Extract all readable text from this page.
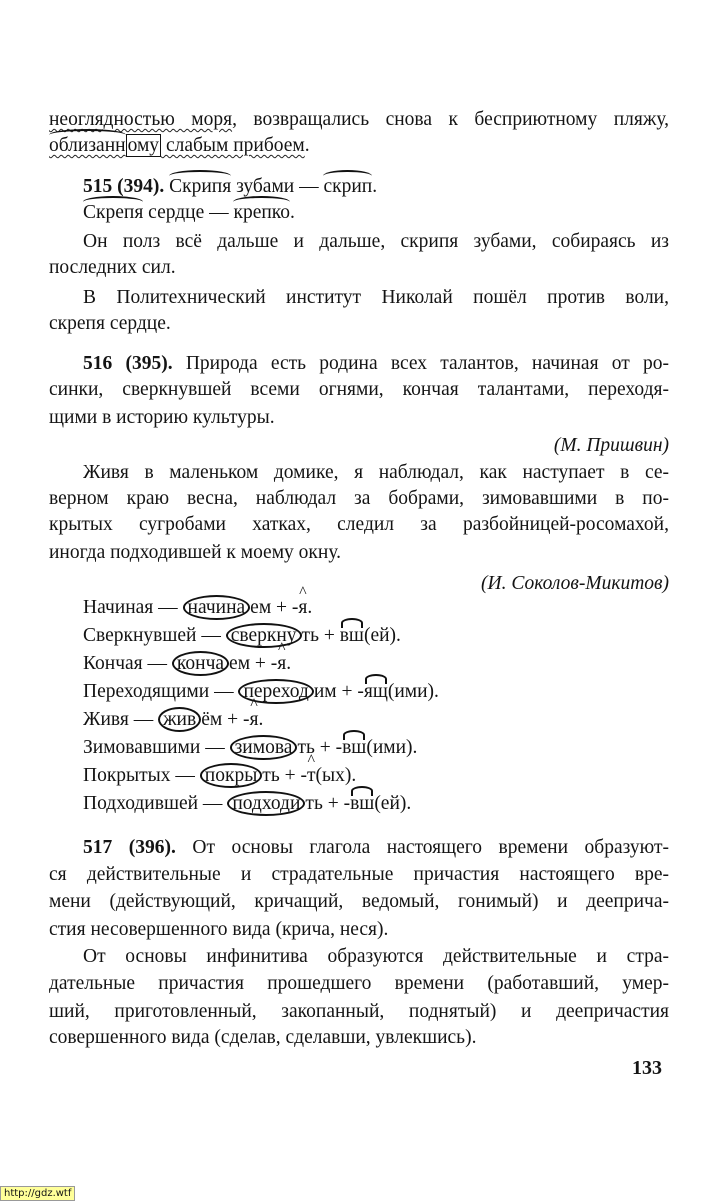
неоглядностью моря, возвращались снова к бесприютному пляжу,
облизанн ому слабым прибоем.
515 (394). Скрипя зубами — скрип.
Скрепя сердце — крепко.
Он полз всё дальше и дальше, скрипя зубами, собираясь из
последних сил.
В Политехнический институт Николай пошёл против воли,
скрепя сердце.
516 (395). Природа есть родина всех талантов, начиная от ро-
синки, сверкнувшей всеми огнями, кончая талантами, переходя-
щими в историю культуры.
(М. Пришвин)
Живя в маленьком домике, я наблюдал, как наступает в се-
верном краю весна, наблюдал за бобрами, зимовавшими в по-
крытых сугробами хатках, следил за разбойницей-росомахой,
иногда подходившей к моему окну.
(И. Соколов-Микитов)
Начиная — начина ем + -^ я.
Сверкнувшей — сверкну ть + вш(ей).
Кончая — конча ем + -^ я.
Переходящими — переход им + -ящ(ими).
Живя — жив ём + -^ я.
Зимовавшими — зимова ть + -вш(ими).
Покрытых — покры ть + -^ т(ых).
Подходившей — подходи ть + -вш(ей).
517 (396). От основы глагола настоящего времени образуют-
ся действительные и страдательные причастия настоящего вре-
мени (действующий, кричащий, ведомый, гонимый) и дееприча-
стия несовершенного вида (крича, неся).
От основы инфинитива образуются действительные и стра-
дательные причастия прошедшего времени (работавший, умер-
ший, приготовленный, закопанный, поднятый) и деепричастия
совершенного вида (сделав, сделавши, увлекшись).
133
http://gdz.wtf
